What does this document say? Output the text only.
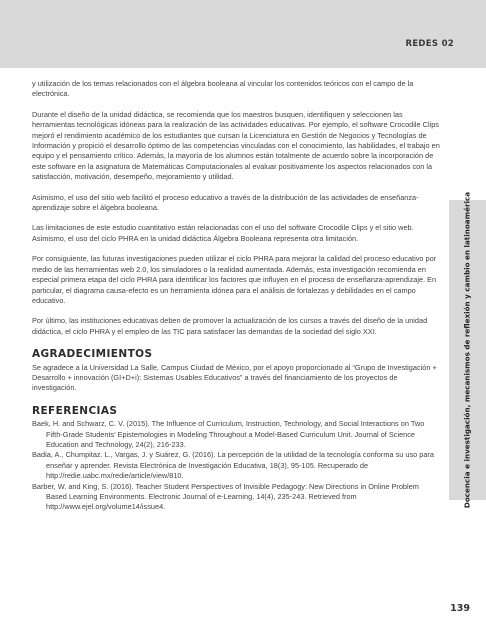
REDES 02
Docencia e investigación, mecanismos de reflexión y cambio en latinoamérica

y utilización de los temas relacionados con el álgebra booleana al vincular los contenidos teóricos con el campo de la electrónica.

Durante el diseño de la unidad didáctica, se recomienda que los maestros busquen, identifiquen y seleccionen las herramientas tecnológicas idóneas para la realización de las actividades educativas. Por ejemplo, el software Crocodile Clips mejoró el rendimiento académico de los estudiantes que cursan la Licenciatura en Gestión de Negocios y Tecnologías de Información y propició el desarrollo óptimo de las competencias vinculadas con el conocimiento, las habilidades, el trabajo en equipo y el pensamiento crítico. Además, la mayoría de los alumnos están totalmente de acuerdo sobre la incorporación de este software en la asignatura de Matemáticas Computacionales al evaluar positivamente los aspectos relacionados con la satisfacción, motivación, desempeño, mejoramiento y utilidad.

Asimismo, el uso del sitio web facilitó el proceso educativo a través de la distribución de las actividades de enseñanza-aprendizaje sobre el álgebra booleana.

Las limitaciones de este estudio cuantitativo están relacionadas con el uso del software Crocodile Clips y el sitio web. Asimismo, el uso del ciclo PHRA en la unidad didáctica Álgebra Booleana representa otra limitación.

Por consiguiente, las futuras investigaciones pueden utilizar el ciclo PHRA para mejorar la calidad del proceso educativo por medio de las herramientas web 2.0, los simuladores o la realidad aumentada. Además, esta investigación recomienda en especial primera etapa del ciclo PHRA para identificar los factores que influyen en el proceso de enseñanza-aprendizaje. En particular, el diagrama causa-efecto es un herramienta idónea para el análisis de fortalezas y debilidades en el campo educativo.

Por último, las instituciones educativas deben de promover la actualización de los cursos a través del diseño de la unidad didáctica, el ciclo PHRA y el empleo de las TIC para satisfacer las demandas de la sociedad del siglo XXI.

AGRADECIMIENTOS

Se agradece a la Universidad La Salle, Campus Ciudad de México, por el apoyo proporcionado al “Grupo de Investigación + Desarrollo + innovación (GI+D+i): Sistemas Usables Educativos” a través del financiamiento de los proyectos de investigación.

REFERENCIAS

Baek, H. and Schwarz, C. V. (2015). The Influence of Curriculum, Instruction, Technology, and Social Interactions on Two Fifth-Grade Students’ Epistemologies in Modeling Throughout a Model-Based Curriculum Unit. Journal of Science Education and Technology, 24(2), 216-233.

Badia, A., Chumpitaz. L., Vargas, J. y Suárez, G. (2016). La percepción de la utilidad de la tecnología conforma su uso para enseñar y aprender. Revista Electrónica de Investigación Educativa, 18(3), 95-105. Recuperado de http://redie.uabc.mx/redie/article/view/810.

Barber, W. and King, S. (2016). Teacher Student Perspectives of Invisible Pedagogy: New Directions in Online Problem Based Learning Environments. Electronic Journal of e-Learning, 14(4), 235-243. Retrieved from http://www.ejel.org/volume14/issue4.

139
